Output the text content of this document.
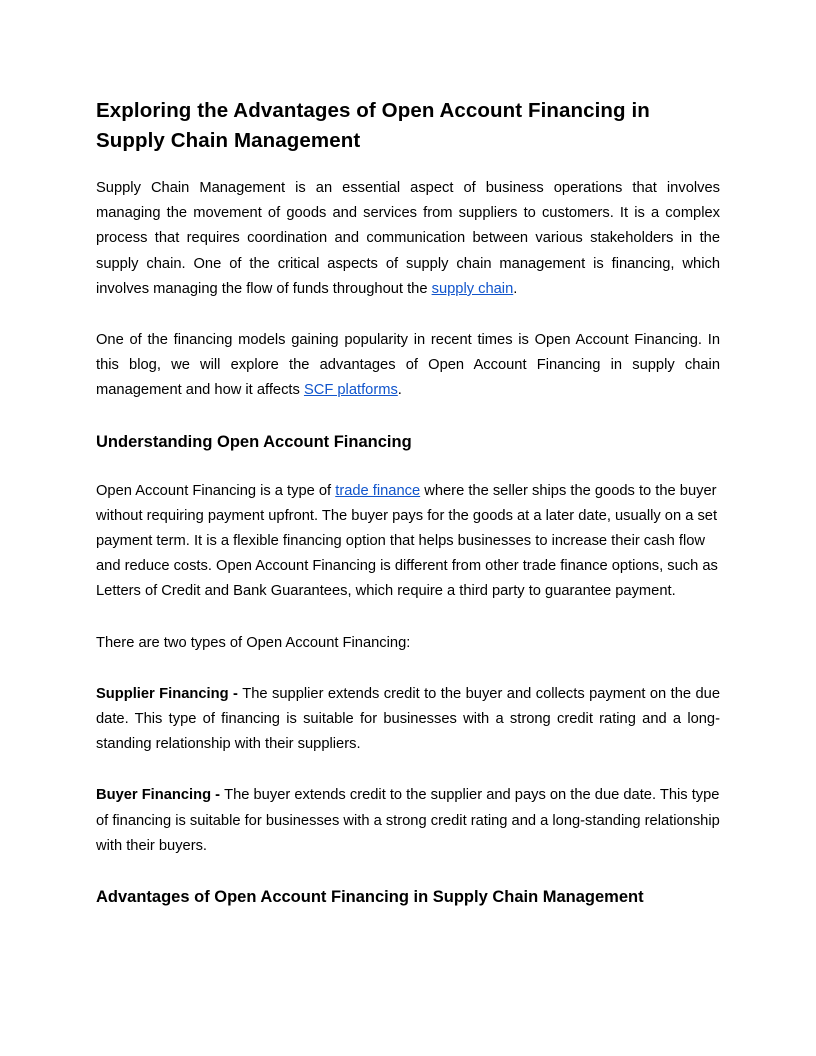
Exploring the Advantages of Open Account Financing in Supply Chain Management

Supply Chain Management is an essential aspect of business operations that involves managing the movement of goods and services from suppliers to customers. It is a complex process that requires coordination and communication between various stakeholders in the supply chain. One of the critical aspects of supply chain management is financing, which involves managing the flow of funds throughout the supply chain.

One of the financing models gaining popularity in recent times is Open Account Financing. In this blog, we will explore the advantages of Open Account Financing in supply chain management and how it affects SCF platforms.

Understanding Open Account Financing

Open Account Financing is a type of trade finance where the seller ships the goods to the buyer without requiring payment upfront. The buyer pays for the goods at a later date, usually on a set payment term. It is a flexible financing option that helps businesses to increase their cash flow and reduce costs. Open Account Financing is different from other trade finance options, such as Letters of Credit and Bank Guarantees, which require a third party to guarantee payment.

There are two types of Open Account Financing:

Supplier Financing - The supplier extends credit to the buyer and collects payment on the due date. This type of financing is suitable for businesses with a strong credit rating and a long-standing relationship with their suppliers.

Buyer Financing - The buyer extends credit to the supplier and pays on the due date. This type of financing is suitable for businesses with a strong credit rating and a long-standing relationship with their buyers.

Advantages of Open Account Financing in Supply Chain Management
